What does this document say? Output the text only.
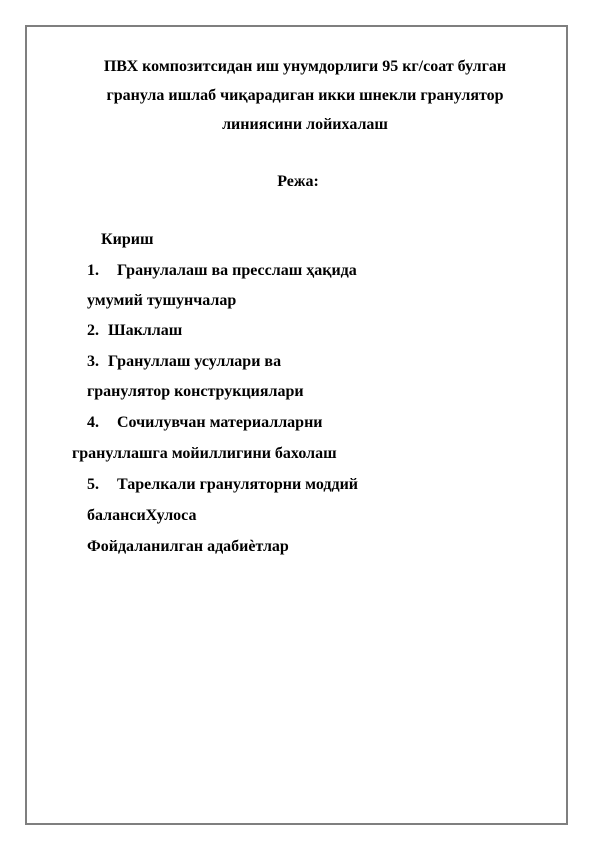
ПВХ композитсидан иш унумдорлиги 95 кг/соат булган
гранула ишлаб чиқарадиган икки шнекли гранулятор
линиясини лойихалаш

Режа:

Кириш

1. Гранулалаш ва пресслаш ҳақида

умумий тушунчалар

2. Шакллаш

3. Грануллаш усуллари ва

гранулятор конструкциялари

4. Сочилувчан материалларни

грануллашга мойиллигини бахолаш

5. Тарелкали грануляторни моддий

балансиХулоса

Фойдаланилган адабиѐтлар
